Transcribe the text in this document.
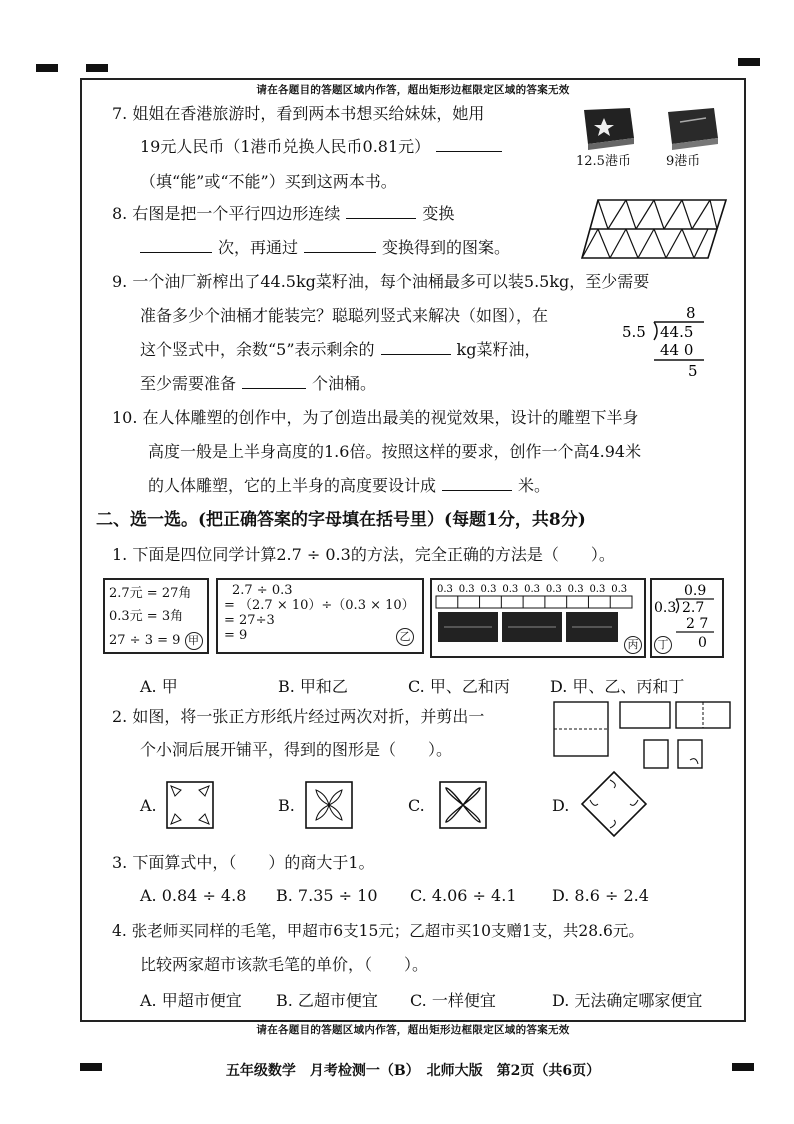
请在各题目的答题区域内作答，超出矩形边框限定区域的答案无效
7. 姐姐在香港旅游时，看到两本书想买给妹妹，她用
19元人民币（1港币兑换人民币0.81元）
（填“能”或“不能”）买到这两本书。
12.5港币	9港币
8. 右图是把一个平行四边形连续	变换
次，再通过	变换得到的图案。
9. 一个油厂新榨出了44.5kg菜籽油，每个油桶最多可以装5.5kg，至少需要
准备多少个油桶才能装完？聪聪列竖式来解决（如图），在
这个竖式中，余数“5”表示剩余的	kg菜籽油，
至少需要准备	个油桶。
8
5.5 44.5
44 0
5
10. 在人体雕塑的创作中，为了创造出最美的视觉效果，设计的雕塑下半身
高度一般是上半身高度的1.6倍。按照这样的要求，创作一个高4.94米
的人体雕塑，它的上半身的高度要设计成	米。
二、选一选。(把正确答案的字母填在括号里）(每题1分，共8分)
1. 下面是四位同学计算2.7 ÷ 0.3的方法，完全正确的方法是（　　）。
2.7元 = 27角
0.3元 = 3角
27 ÷ 3 = 9 甲
2.7 ÷ 0.3
= （2.7 × 10）÷（0.3 × 10）
= 27÷3
= 9	乙
0.3 0.3 0.3 0.3 0.3 0.3 0.3 0.3 0.3
丙
0.9
0.3 2.7
2 7
0
丁
A. 甲	B. 甲和乙	C. 甲、乙和丙	D. 甲、乙、丙和丁
2. 如图，将一张正方形纸片经过两次对折，并剪出一
个小洞后展开铺平，得到的图形是（　　）。
A.	B.	C.	D.
3. 下面算式中，（　　）的商大于1。
A. 0.84 ÷ 4.8 B. 7.35 ÷ 10 C. 4.06 ÷ 4.1 D. 8.6 ÷ 2.4
4. 张老师买同样的毛笔，甲超市6支15元；乙超市买10支赠1支，共28.6元。
比较两家超市该款毛笔的单价，（　　）。
A. 甲超市便宜 B. 乙超市便宜 C. 一样便宜	D. 无法确定哪家便宜
请在各题目的答题区域内作答，超出矩形边框限定区域的答案无效
五年级数学　月考检测一（B）　北师大版　第2页（共6页）
